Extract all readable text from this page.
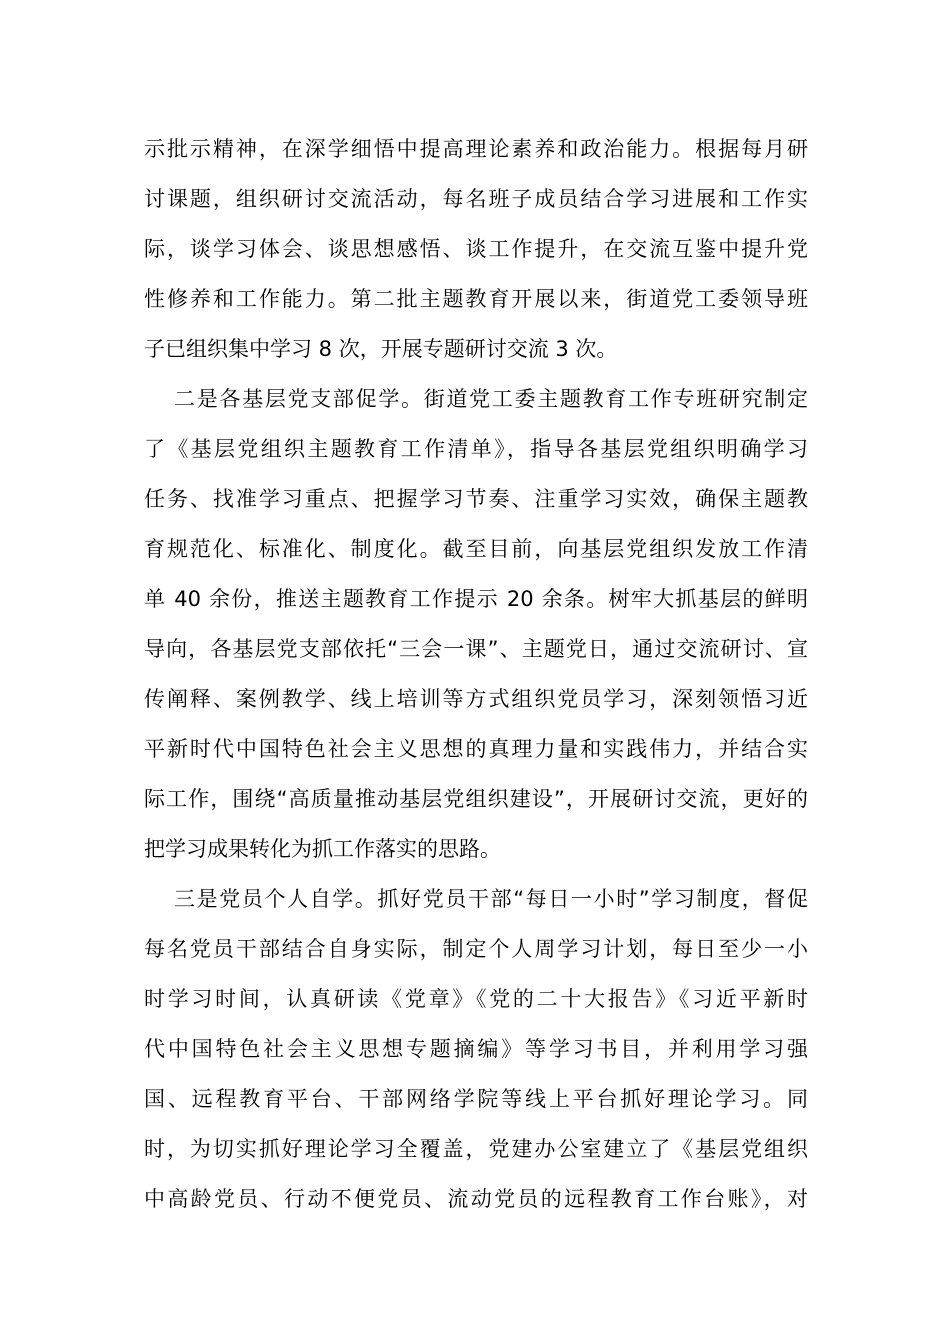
示批示精神，在深学细悟中提高理论素养和政治能力。根据每月研
讨课题，组织研讨交流活动，每名班子成员结合学习进展和工作实
际，谈学习体会、谈思想感悟、谈工作提升，在交流互鉴中提升党
性修养和工作能力。第二批主题教育开展以来，街道党工委领导班
子已组织集中学习 8 次，开展专题研讨交流 3 次。
二是各基层党支部促学。街道党工委主题教育工作专班研究制定
了《基层党组织主题教育工作清单》，指导各基层党组织明确学习
任务、找准学习重点、把握学习节奏、注重学习实效，确保主题教
育规范化、标准化、制度化。截至目前，向基层党组织发放工作清
单 40 余份，推送主题教育工作提示 20 余条。树牢大抓基层的鲜明
导向，各基层党支部依托“三会一课”、主题党日，通过交流研讨、宣
传阐释、案例教学、线上培训等方式组织党员学习，深刻领悟习近
平新时代中国特色社会主义思想的真理力量和实践伟力，并结合实
际工作，围绕“高质量推动基层党组织建设”，开展研讨交流，更好的
把学习成果转化为抓工作落实的思路。
三是党员个人自学。抓好党员干部“每日一小时”学习制度，督促
每名党员干部结合自身实际，制定个人周学习计划，每日至少一小
时学习时间，认真研读《党章》《党的二十大报告》《习近平新时
代中国特色社会主义思想专题摘编》等学习书目，并利用学习强
国、远程教育平台、干部网络学院等线上平台抓好理论学习。同
时，为切实抓好理论学习全覆盖，党建办公室建立了《基层党组织
中高龄党员、行动不便党员、流动党员的远程教育工作台账》，对
